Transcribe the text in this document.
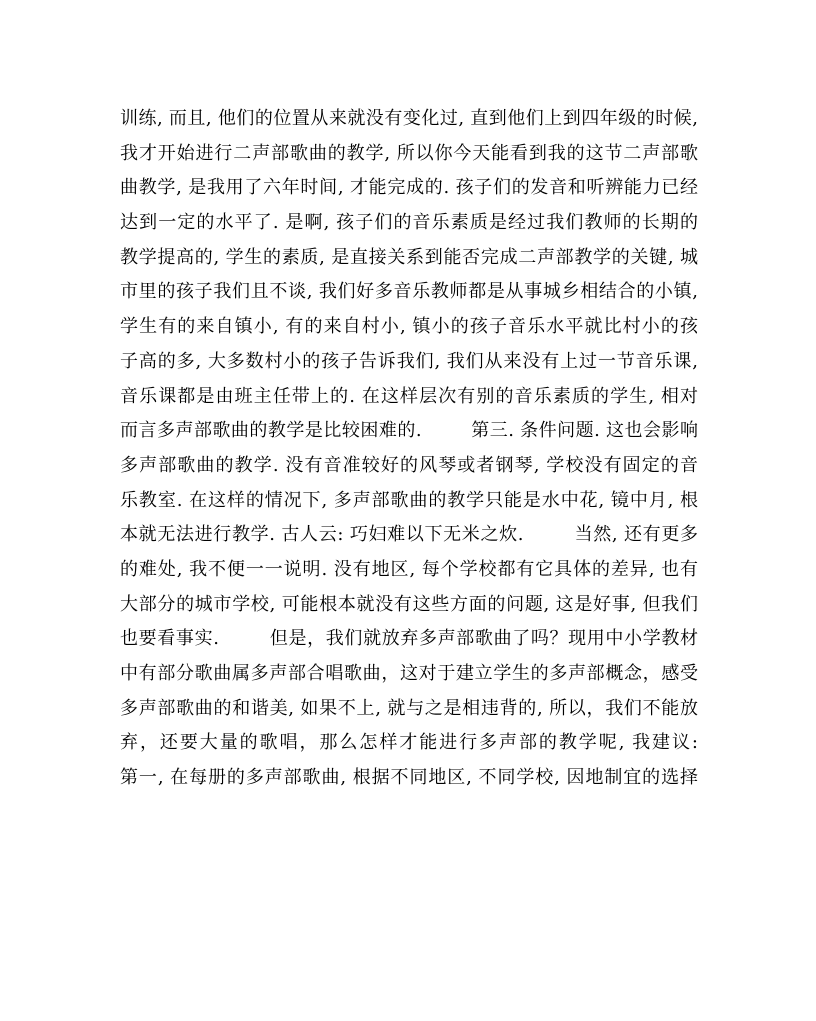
训练, 而且, 他们的位置从来就没有变化过, 直到他们上到四年级的时候,
我才开始进行二声部歌曲的教学, 所以你今天能看到我的这节二声部歌
曲教学, 是我用了六年时间, 才能完成的. 孩子们的发音和听辨能力已经
达到一定的水平了. 是啊, 孩子们的音乐素质是经过我们教师的长期的
教学提高的, 学生的素质, 是直接关系到能否完成二声部教学的关键, 城
市里的孩子我们且不谈, 我们好多音乐教师都是从事城乡相结合的小镇,
学生有的来自镇小, 有的来自村小, 镇小的孩子音乐水平就比村小的孩
子高的多, 大多数村小的孩子告诉我们, 我们从来没有上过一节音乐课,
音乐课都是由班主任带上的. 在这样层次有别的音乐素质的学生, 相对
而言多声部歌曲的教学是比较困难的.        第三. 条件问题. 这也会影响
多声部歌曲的教学. 没有音准较好的风琴或者钢琴, 学校没有固定的音
乐教室. 在这样的情况下, 多声部歌曲的教学只能是水中花, 镜中月, 根
本就无法进行教学. 古人云: 巧妇难以下无米之炊.        当然, 还有更多
的难处, 我不便一一说明. 没有地区, 每个学校都有它具体的差异, 也有
大部分的城市学校, 可能根本就没有这些方面的问题, 这是好事, 但我们
也要看事实.        但是，我们就放弃多声部歌曲了吗？现用中小学教材
中有部分歌曲属多声部合唱歌曲，这对于建立学生的多声部概念，感受
多声部歌曲的和谐美, 如果不上, 就与之是相违背的, 所以，我们不能放
弃，还要大量的歌唱，那么怎样才能进行多声部的教学呢, 我建议:
第一, 在每册的多声部歌曲, 根据不同地区, 不同学校, 因地制宜的选择
